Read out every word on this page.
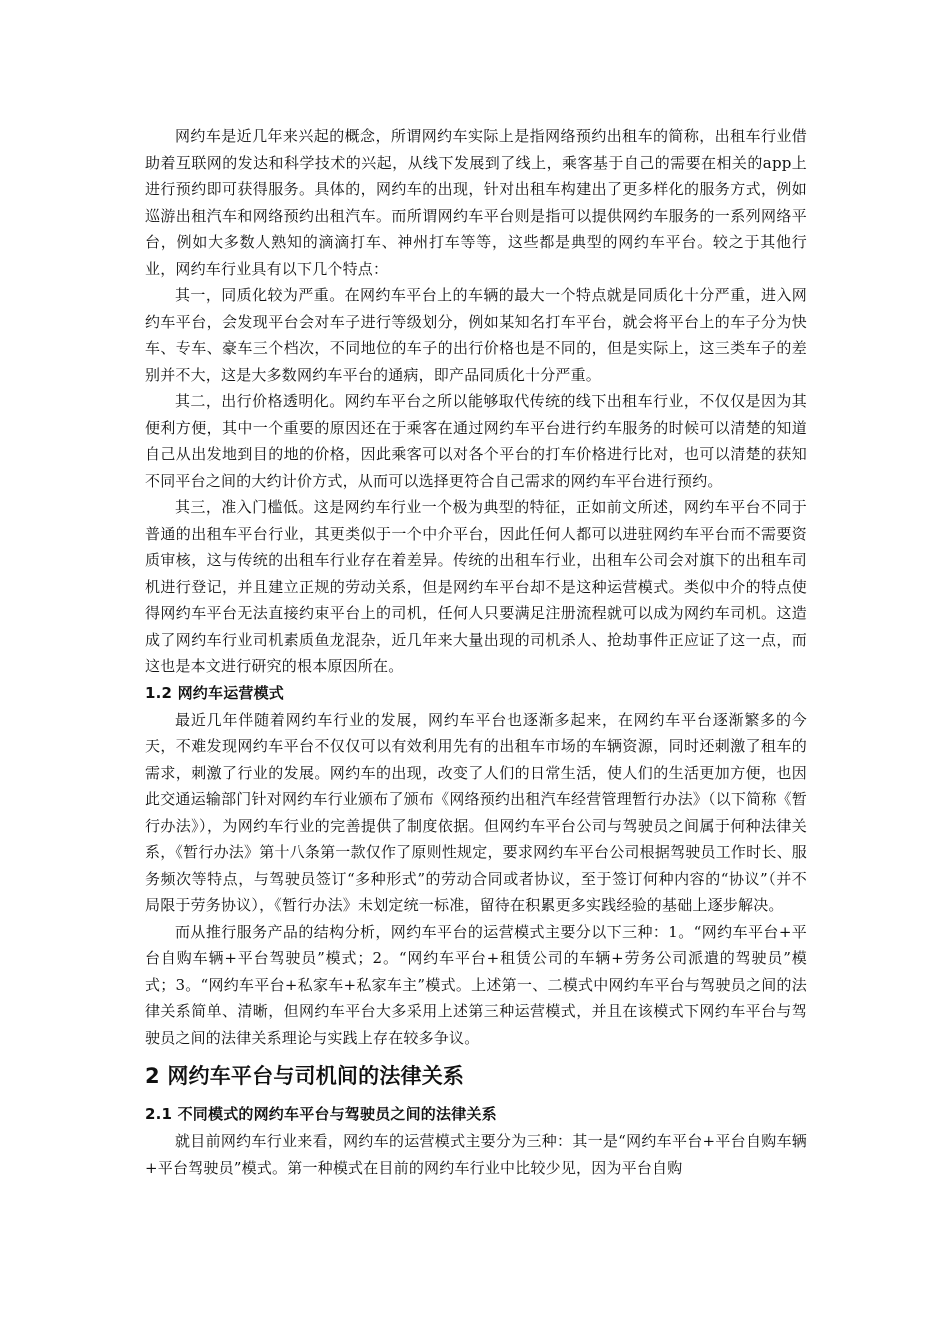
网约车是近几年来兴起的概念，所谓网约车实际上是指网络预约出租车的简称，出租车行业借助着互联网的发达和科学技术的兴起，从线下发展到了线上，乘客基于自己的需要在相关的app上进行预约即可获得服务。具体的，网约车的出现，针对出租车构建出了更多样化的服务方式，例如巡游出租汽车和网络预约出租汽车。而所谓网约车平台则是指可以提供网约车服务的一系列网络平台，例如大多数人熟知的滴滴打车、神州打车等等，这些都是典型的网约车平台。较之于其他行业，网约车行业具有以下几个特点：

其一，同质化较为严重。在网约车平台上的车辆的最大一个特点就是同质化十分严重，进入网约车平台，会发现平台会对车子进行等级划分，例如某知名打车平台，就会将平台上的车子分为快车、专车、豪车三个档次，不同地位的车子的出行价格也是不同的，但是实际上，这三类车子的差别并不大，这是大多数网约车平台的通病，即产品同质化十分严重。

其二，出行价格透明化。网约车平台之所以能够取代传统的线下出租车行业，不仅仅是因为其便利方便，其中一个重要的原因还在于乘客在通过网约车平台进行约车服务的时候可以清楚的知道自己从出发地到目的地的价格，因此乘客可以对各个平台的打车价格进行比对，也可以清楚的获知不同平台之间的大约计价方式，从而可以选择更符合自己需求的网约车平台进行预约。

其三，准入门槛低。这是网约车行业一个极为典型的特征，正如前文所述，网约车平台不同于普通的出租车平台行业，其更类似于一个中介平台，因此任何人都可以进驻网约车平台而不需要资质审核，这与传统的出租车行业存在着差异。传统的出租车行业，出租车公司会对旗下的出租车司机进行登记，并且建立正规的劳动关系，但是网约车平台却不是这种运营模式。类似中介的特点使得网约车平台无法直接约束平台上的司机，任何人只要满足注册流程就可以成为网约车司机。这造成了网约车行业司机素质鱼龙混杂，近几年来大量出现的司机杀人、抢劫事件正应证了这一点，而这也是本文进行研究的根本原因所在。

1.2 网约车运营模式

最近几年伴随着网约车行业的发展，网约车平台也逐渐多起来，在网约车平台逐渐繁多的今天，不难发现网约车平台不仅仅可以有效利用先有的出租车市场的车辆资源，同时还刺激了租车的需求，刺激了行业的发展。网约车的出现，改变了人们的日常生活，使人们的生活更加方便，也因此交通运输部门针对网约车行业颁布了颁布《网络预约出租汽车经营管理暂行办法》（以下简称《暂行办法》），为网约车行业的完善提供了制度依据。但网约车平台公司与驾驶员之间属于何种法律关系，《暂行办法》第十八条第一款仅作了原则性规定，要求网约车平台公司根据驾驶员工作时长、服务频次等特点，与驾驶员签订“多种形式”的劳动合同或者协议，至于签订何种内容的“协议”（并不局限于劳务协议），《暂行办法》未划定统一标准，留待在积累更多实践经验的基础上逐步解决。

而从推行服务产品的结构分析，网约车平台的运营模式主要分以下三种：1。“网约车平台+平台自购车辆+平台驾驶员”模式；2。“网约车平台+租赁公司的车辆+劳务公司派遣的驾驶员”模式；3。“网约车平台+私家车+私家车主”模式。上述第一、二模式中网约车平台与驾驶员之间的法律关系简单、清晰，但网约车平台大多采用上述第三种运营模式，并且在该模式下网约车平台与驾驶员之间的法律关系理论与实践上存在较多争议。

2 网约车平台与司机间的法律关系
2.1 不同模式的网约车平台与驾驶员之间的法律关系

就目前网约车行业来看，网约车的运营模式主要分为三种：其一是“网约车平台+平台自购车辆+平台驾驶员”模式。第一种模式在目前的网约车行业中比较少见，因为平台自购
